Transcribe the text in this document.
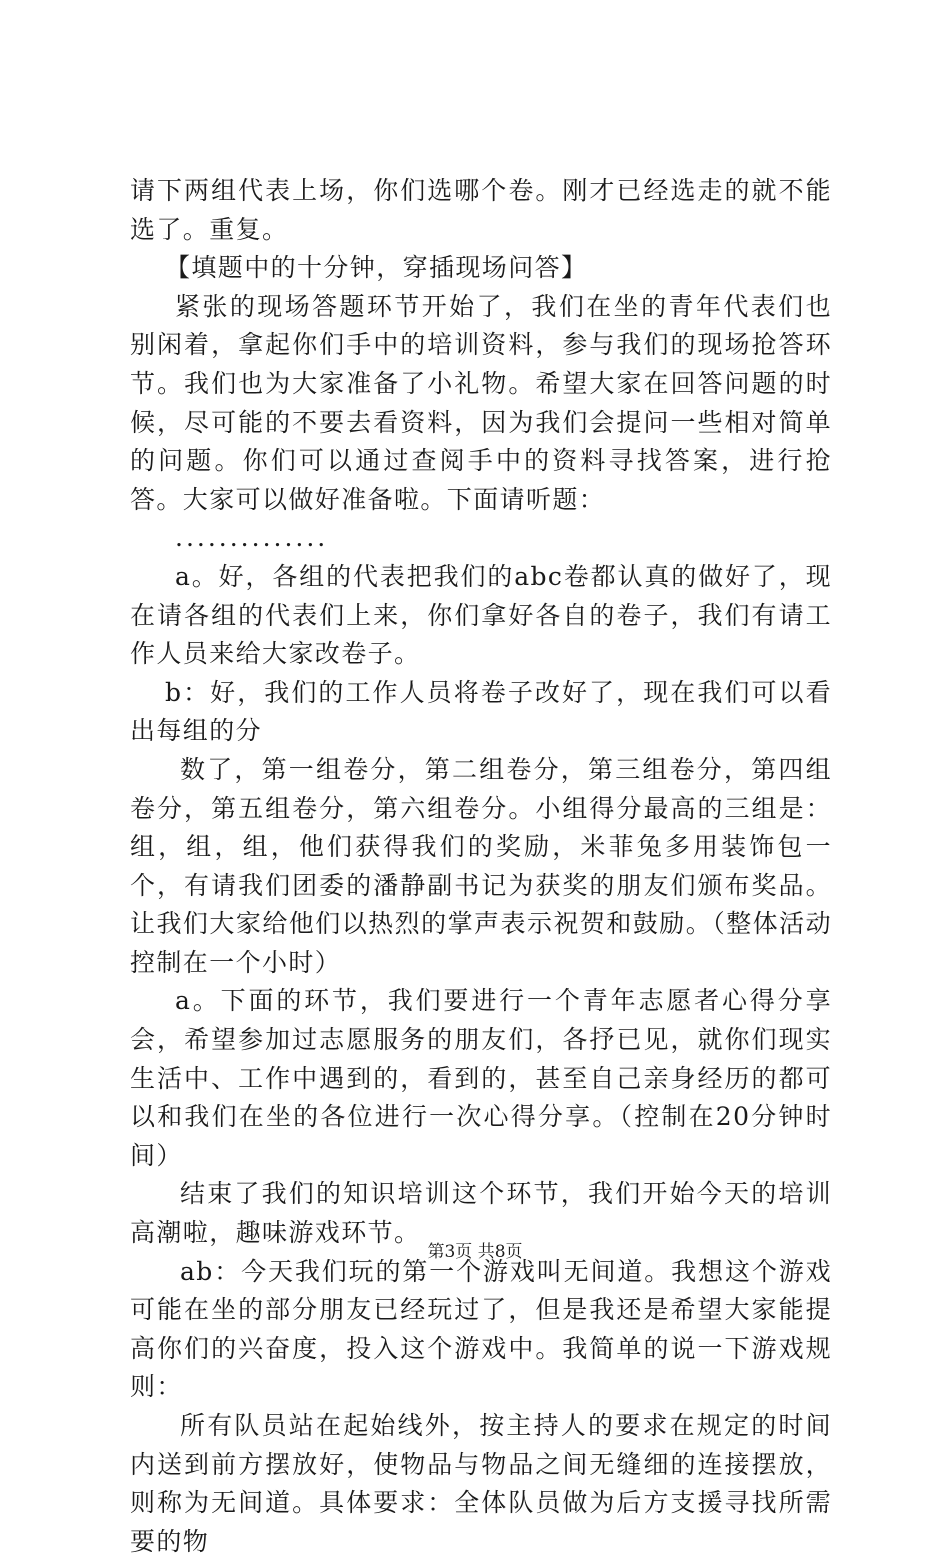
请下两组代表上场，你们选哪个卷。刚才已经选走的就不能选了。重复。

【填题中的十分钟，穿插现场问答】

紧张的现场答题环节开始了，我们在坐的青年代表们也别闲着，拿起你们手中的培训资料，参与我们的现场抢答环节。我们也为大家准备了小礼物。希望大家在回答问题的时候，尽可能的不要去看资料，因为我们会提问一些相对简单的问题。你们可以通过查阅手中的资料寻找答案，进行抢答。大家可以做好准备啦。下面请听题：

..............

a。好，各组的代表把我们的abc卷都认真的做好了，现在请各组的代表们上来，你们拿好各自的卷子，我们有请工作人员来给大家改卷子。

b：好，我们的工作人员将卷子改好了，现在我们可以看出每组的分

数了，第一组卷分，第二组卷分，第三组卷分，第四组卷分，第五组卷分，第六组卷分。小组得分最高的三组是：组，组，组，他们获得我们的奖励，米菲兔多用装饰包一个，有请我们团委的潘静副书记为获奖的朋友们颁布奖品。让我们大家给他们以热烈的掌声表示祝贺和鼓励。（整体活动控制在一个小时）

a。下面的环节，我们要进行一个青年志愿者心得分享会，希望参加过志愿服务的朋友们，各抒已见，就你们现实生活中、工作中遇到的，看到的，甚至自己亲身经历的都可以和我们在坐的各位进行一次心得分享。（控制在20分钟时间）

结束了我们的知识培训这个环节，我们开始今天的培训高潮啦，趣味游戏环节。

ab：今天我们玩的第一个游戏叫无间道。我想这个游戏可能在坐的部分朋友已经玩过了，但是我还是希望大家能提高你们的兴奋度，投入这个游戏中。我简单的说一下游戏规则：

所有队员站在起始线外，按主持人的要求在规定的时间内送到前方摆放好，使物品与物品之间无缝细的连接摆放，则称为无间道。具体要求：全体队员做为后方支援寻找所需要的物

第3页 共8页
